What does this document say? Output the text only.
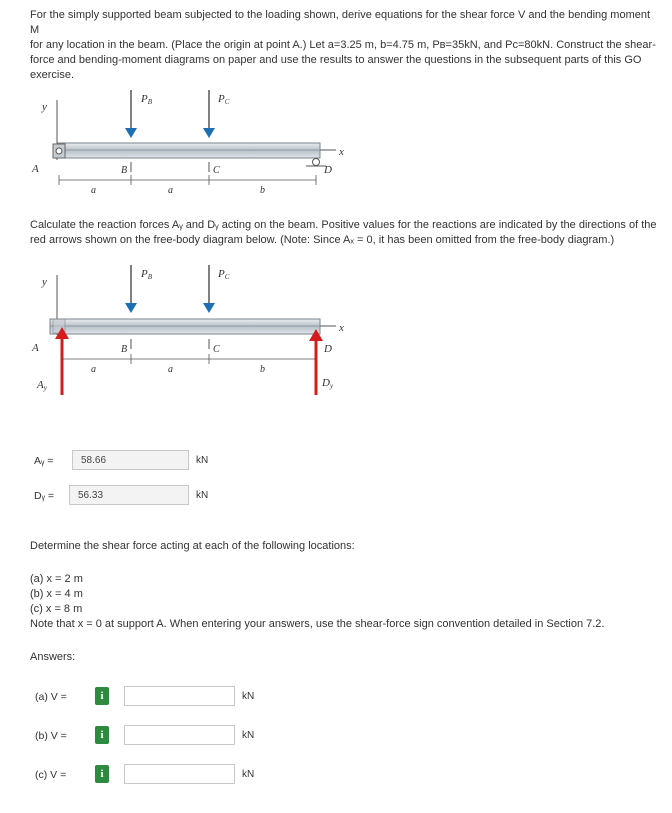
For the simply supported beam subjected to the loading shown, derive equations for the shear force V and the bending moment M
for any location in the beam. (Place the origin at point A.) Let a=3.25 m, b=4.75 m, Pʙ=35kN, and Pᴄ=80kN. Construct the shear-
force and bending-moment diagrams on paper and use the results to answer the questions in the subsequent parts of this GO
exercise.
y
x
A	D
PB	PC
B	C
a	a	b
Calculate the reaction forces Aᵧ and Dᵧ acting on the beam. Positive values for the reactions are indicated by the directions of the
red arrows shown on the free-body diagram below. (Note: Since Aₓ = 0, it has been omitted from the free-body diagram.)
y
x
A	D
PB	PC
B	C
Ay	Dy
a	a	b
Aᵧ =	58.66	kN
Dᵧ =	56.33	kN
Determine the shear force acting at each of the following locations:
(a) x = 2 m
(b) x = 4 m
(c) x = 8 m
Note that x = 0 at support A. When entering your answers, use the shear-force sign convention detailed in Section 7.2.
Answers:
(a) V =	i	kN
(b) V =	i	kN
(c) V =	i	kN
